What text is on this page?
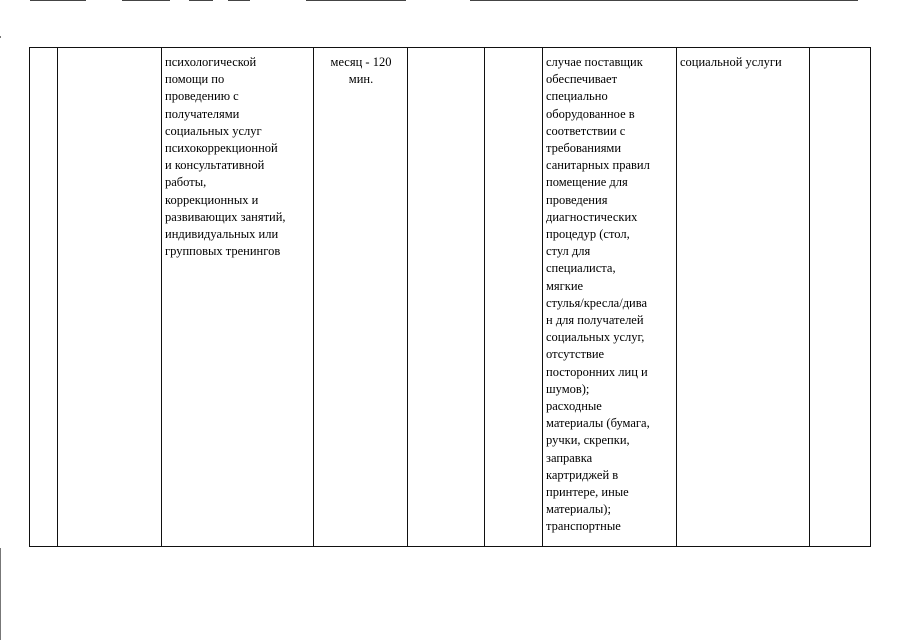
психологической
помощи по
проведению с
получателями
социальных услуг
психокоррекционной
и консультативной
работы,
коррекционных и
развивающих занятий,
индивидуальных или
групповых тренингов
месяц - 120
мин.
случае поставщик
обеспечивает
специально
оборудованное в
соответствии с
требованиями
санитарных правил
помещение для
проведения
диагностических
процедур (стол,
стул для
специалиста,
мягкие
стулья/кресла/дива
н для получателей
социальных услуг,
отсутствие
посторонних лиц и
шумов);
расходные
материалы (бумага,
ручки, скрепки,
заправка
картриджей в
принтере, иные
материалы);
транспортные
социальной услуги
